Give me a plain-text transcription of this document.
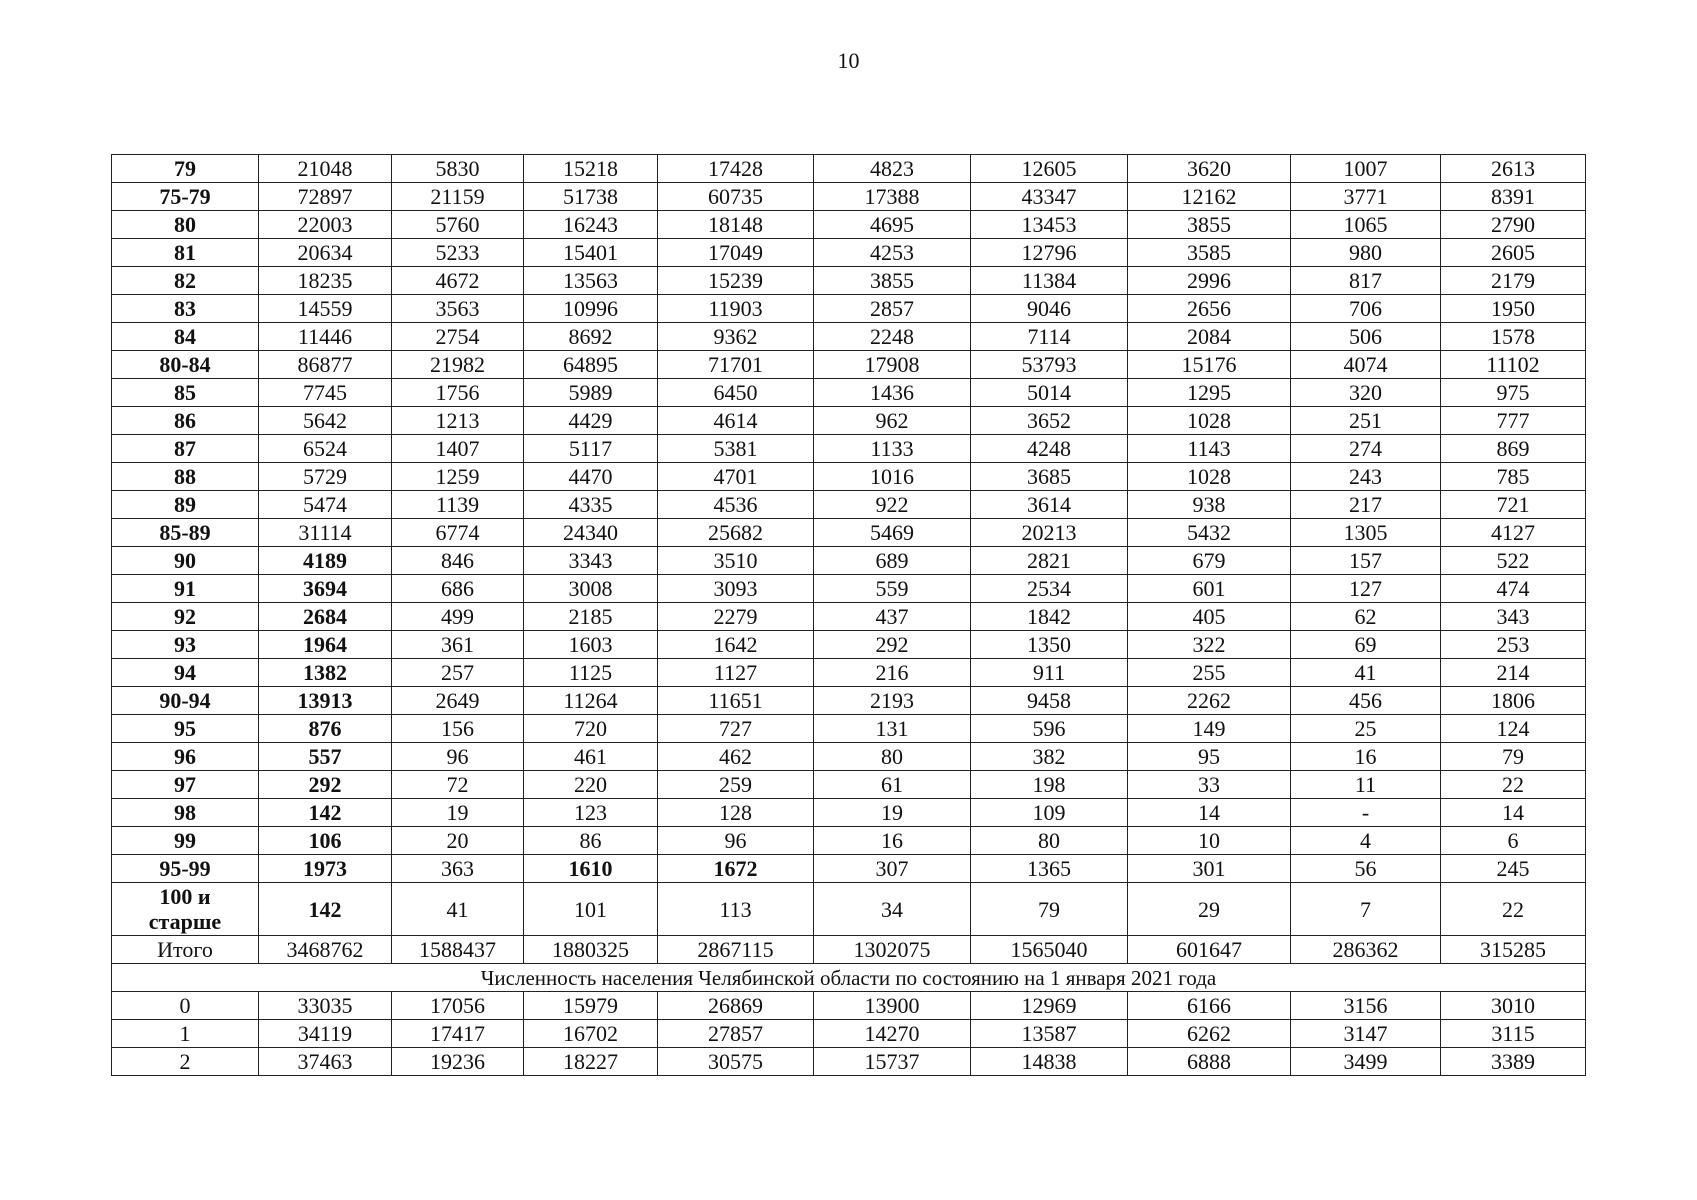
10
79	21048	5830	15218	17428	4823	12605	3620	1007	2613
75-79	72897	21159	51738	60735	17388	43347	12162	3771	8391
80	22003	5760	16243	18148	4695	13453	3855	1065	2790
81	20634	5233	15401	17049	4253	12796	3585	980	2605
82	18235	4672	13563	15239	3855	11384	2996	817	2179
83	14559	3563	10996	11903	2857	9046	2656	706	1950
84	11446	2754	8692	9362	2248	7114	2084	506	1578
80-84	86877	21982	64895	71701	17908	53793	15176	4074	11102
85	7745	1756	5989	6450	1436	5014	1295	320	975
86	5642	1213	4429	4614	962	3652	1028	251	777
87	6524	1407	5117	5381	1133	4248	1143	274	869
88	5729	1259	4470	4701	1016	3685	1028	243	785
89	5474	1139	4335	4536	922	3614	938	217	721
85-89	31114	6774	24340	25682	5469	20213	5432	1305	4127
90	4189	846	3343	3510	689	2821	679	157	522
91	3694	686	3008	3093	559	2534	601	127	474
92	2684	499	2185	2279	437	1842	405	62	343
93	1964	361	1603	1642	292	1350	322	69	253
94	1382	257	1125	1127	216	911	255	41	214
90-94	13913	2649	11264	11651	2193	9458	2262	456	1806
95	876	156	720	727	131	596	149	25	124
96	557	96	461	462	80	382	95	16	79
97	292	72	220	259	61	198	33	11	22
98	142	19	123	128	19	109	14	-	14
99	106	20	86	96	16	80	10	4	6
95-99	1973	363	1610	1672	307	1365	301	56	245
100 и
старше	142	41	101	113	34	79	29	7	22
Итого	3468762	1588437	1880325	2867115	1302075	1565040	601647	286362	315285
Численность населения Челябинской области по состоянию на 1 января 2021 года									
0	33035	17056	15979	26869	13900	12969	6166	3156	3010
1	34119	17417	16702	27857	14270	13587	6262	3147	3115
2	37463	19236	18227	30575	15737	14838	6888	3499	3389
